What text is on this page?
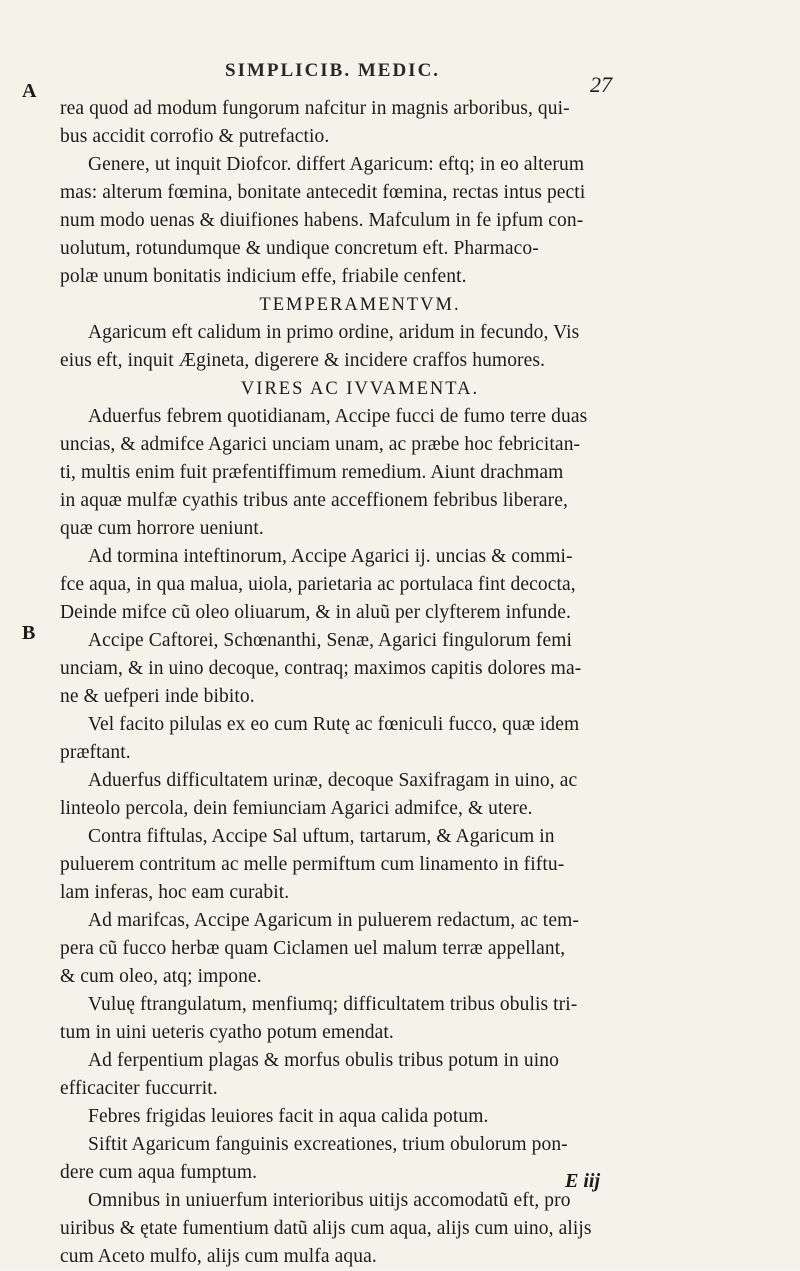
SIMPLICIB. MEDIC.
27
A
B
rea quod ad modum fungorum nafcitur in magnis arboribus, qui-
bus accidit corrofio & putrefactio.
Genere, ut inquit Diofcor. differt Agaricum: eftq; in eo alterum
mas: alterum fœmina, bonitate antecedit fœmina, rectas intus pecti
num modo uenas & diuifiones habens. Mafculum in fe ipfum con-
uolutum, rotundumque & undique concretum eft. Pharmaco-
polæ unum bonitatis indicium effe, friabile cenfent.
TEMPERAMENTVM.
Agaricum eft calidum in primo ordine, aridum in fecundo, Vis
eius eft, inquit Ægineta, digerere & incidere craffos humores.
VIRES AC IVVAMENTA.
Aduerfus febrem quotidianam, Accipe fucci de fumo terre duas
uncias, & admifce Agarici unciam unam, ac præbe hoc febricitan-
ti, multis enim fuit præfentiffimum remedium. Aiunt drachmam
in aquæ mulfæ cyathis tribus ante acceffionem febribus liberare,
quæ cum horrore ueniunt.
Ad tormina inteftinorum, Accipe Agarici ij. uncias & commi-
fce aqua, in qua malua, uiola, parietaria ac portulaca fint decocta,
Deinde mifce cũ oleo oliuarum, & in aluũ per clyfterem infunde.
Accipe Caftorei, Schœnanthi, Senæ, Agarici fingulorum femi
unciam, & in uino decoque, contraq; maximos capitis dolores ma-
ne & uefperi inde bibito.
Vel facito pilulas ex eo cum Rutę ac fœniculi fucco, quæ idem
præftant.
Aduerfus difficultatem urinæ, decoque Saxifragam in uino, ac
linteolo percola, dein femiunciam Agarici admifce, & utere.
Contra fiftulas, Accipe Sal uftum, tartarum, & Agaricum in
puluerem contritum ac melle permiftum cum linamento in fiftu-
lam inferas, hoc eam curabit.
Ad marifcas, Accipe Agaricum in puluerem redactum, ac tem-
pera cũ fucco herbæ quam Ciclamen uel malum terræ appellant,
& cum oleo, atq; impone.
Vuluę ftrangulatum, menfiumq; difficultatem tribus obulis tri-
tum in uini ueteris cyatho potum emendat.
Ad ferpentium plagas & morfus obulis tribus potum in uino
efficaciter fuccurrit.
Febres frigidas leuiores facit in aqua calida potum.
Siftit Agaricum fanguinis excreationes, trium obulorum pon-
dere cum aqua fumptum.
Omnibus in uniuerfum interioribus uitijs accomodatũ eft, pro
uiribus & ętate fumentium datũ alijs cum aqua, alijs cum uino, alijs
cum Aceto mulfo, alijs cum mulfa aqua.
E iij
